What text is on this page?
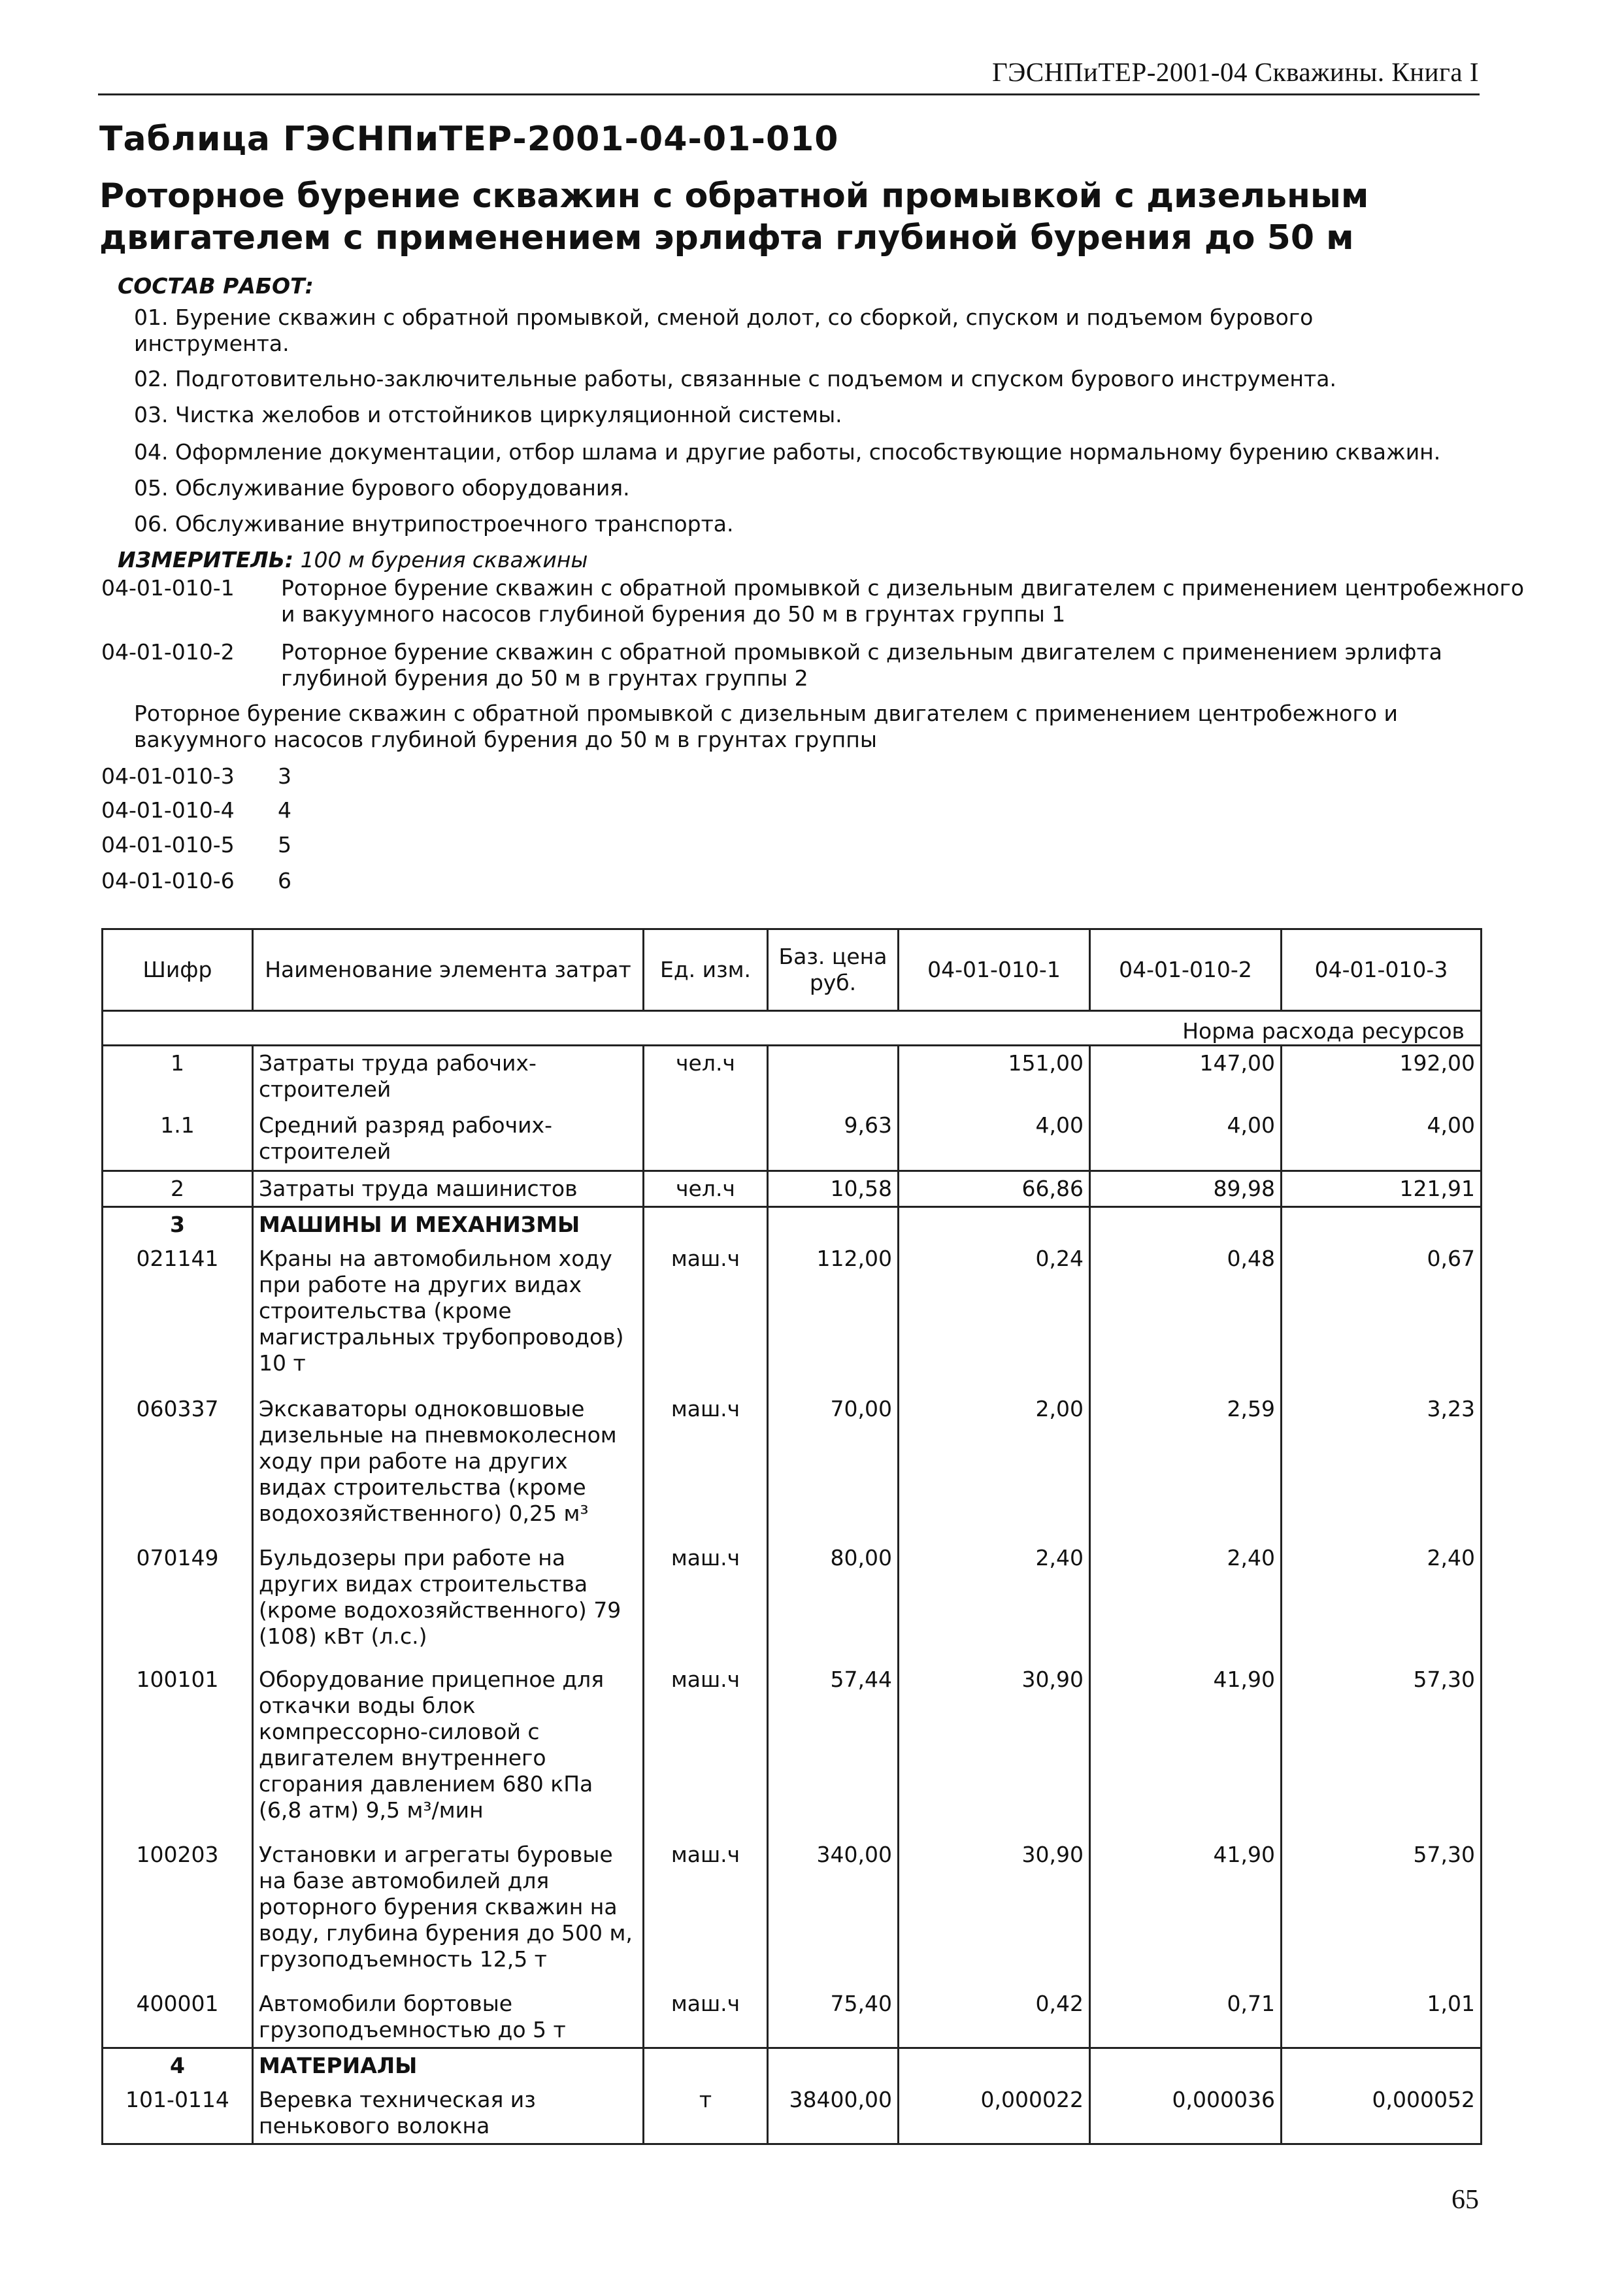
ГЭСНПиТЕР-2001-04 Скважины. Книга I
Таблица ГЭСНПиТЕР-2001-04-01-010
Роторное бурение скважин с обратной промывкой с дизельным двигателем с применением эрлифта глубиной бурения до 50 м
СОСТАВ РАБОТ:
01. Бурение скважин с обратной промывкой, сменой долот, со сборкой, спуском и подъемом бурового инструмента.
02. Подготовительно-заключительные работы, связанные с подъемом и спуском бурового инструмента.
03. Чистка желобов и отстойников циркуляционной системы.
04. Оформление документации, отбор шлама и другие работы, способствующие нормальному бурению скважин.
05. Обслуживание бурового оборудования.
06. Обслуживание внутрипостроечного транспорта.
ИЗМЕРИТЕЛЬ: 100 м бурения скважины
04-01-010-1 Роторное бурение скважин с обратной промывкой с дизельным двигателем с применением центробежного и вакуумного насосов глубиной бурения до 50 м в грунтах группы 1
04-01-010-2 Роторное бурение скважин с обратной промывкой с дизельным двигателем с применением эрлифта глубиной бурения до 50 м в грунтах группы 2
Роторное бурение скважин с обратной промывкой с дизельным двигателем с применением центробежного и вакуумного насосов глубиной бурения до 50 м в грунтах группы
04-01-010-3 3
04-01-010-4 4
04-01-010-5 5
04-01-010-6 6
Шифр	Наименование элемента затрат	Ед. изм.	Баз. цена руб.	04-01-010-1	04-01-010-2	04-01-010-3
Норма расхода ресурсов						
1	Затраты труда рабочих-строителей	чел.ч		151,00	147,00	192,00
1.1	Средний разряд рабочих-строителей		9,63	4,00	4,00	4,00
2	Затраты труда машинистов	чел.ч	10,58	66,86	89,98	121,91
3	МАШИНЫ И МЕХАНИЗМЫ					
021141	Краны на автомобильном ходу при работе на других видах строительства (кроме магистральных трубопроводов) 10 т	маш.ч	112,00	0,24	0,48	0,67
060337	Экскаваторы одноковшовые дизельные на пневмоколесном ходу при работе на других видах строительства (кроме водохозяйственного) 0,25 м³	маш.ч	70,00	2,00	2,59	3,23
070149	Бульдозеры при работе на других видах строительства (кроме водохозяйственного) 79 (108) кВт (л.с.)	маш.ч	80,00	2,40	2,40	2,40
100101	Оборудование прицепное для откачки воды блок компрессорно-силовой с двигателем внутреннего сгорания давлением 680 кПа (6,8 атм) 9,5 м³/мин	маш.ч	57,44	30,90	41,90	57,30
100203	Установки и агрегаты буровые на базе автомобилей для роторного бурения скважин на воду, глубина бурения до 500 м, грузоподъемность 12,5 т	маш.ч	340,00	30,90	41,90	57,30
400001	Автомобили бортовые грузоподъемностью до 5 т	маш.ч	75,40	0,42	0,71	1,01
4	МАТЕРИАЛЫ					
101-0114	Веревка техническая из пенькового волокна	т	38400,00	0,000022	0,000036	0,000052
65
